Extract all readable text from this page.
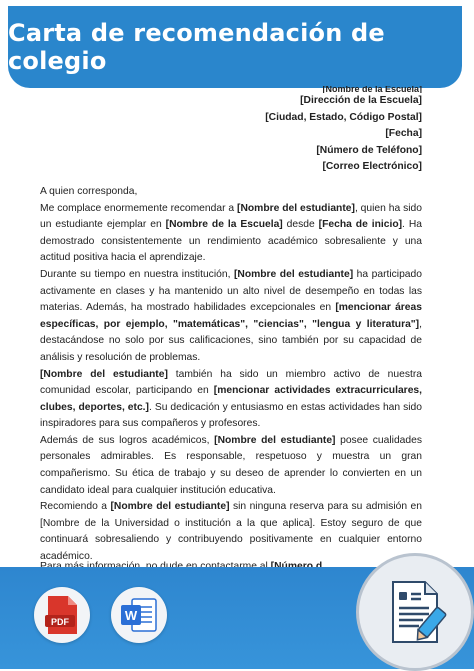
Carta de recomendación de colegio
[Nombre de la Escuela]
[Dirección de la Escuela]
[Ciudad, Estado, Código Postal]
[Fecha]
[Número de Teléfono]
[Correo Electrónico]
A quien corresponda,
Me complace enormemente recomendar a [Nombre del estudiante], quien ha sido un estudiante ejemplar en [Nombre de la Escuela] desde [Fecha de inicio]. Ha demostrado consistentemente un rendimiento académico sobresaliente y una actitud positiva hacia el aprendizaje.
Durante su tiempo en nuestra institución, [Nombre del estudiante] ha participado activamente en clases y ha mantenido un alto nivel de desempeño en todas las materias. Además, ha mostrado habilidades excepcionales en [mencionar áreas específicas, por ejemplo, "matemáticas", "ciencias", "lengua y literatura"], destacándose no solo por sus calificaciones, sino también por su capacidad de análisis y resolución de problemas.
[Nombre del estudiante] también ha sido un miembro activo de nuestra comunidad escolar, participando en [mencionar actividades extracurriculares, clubes, deportes, etc.]. Su dedicación y entusiasmo en estas actividades han sido inspiradores para sus compañeros y profesores.
Además de sus logros académicos, [Nombre del estudiante] posee cualidades personales admirables. Es responsable, respetuoso y muestra un gran compañerismo. Su ética de trabajo y su deseo de aprender lo convierten en un candidato ideal para cualquier institución educativa.
Recomiendo a [Nombre del estudiante] sin ninguna reserva para su admisión en [Nombre de la Universidad o institución a la que aplica]. Estoy seguro de que continuará sobresaliendo y contribuyendo positivamente en cualquier entorno académico.
PDF	W
